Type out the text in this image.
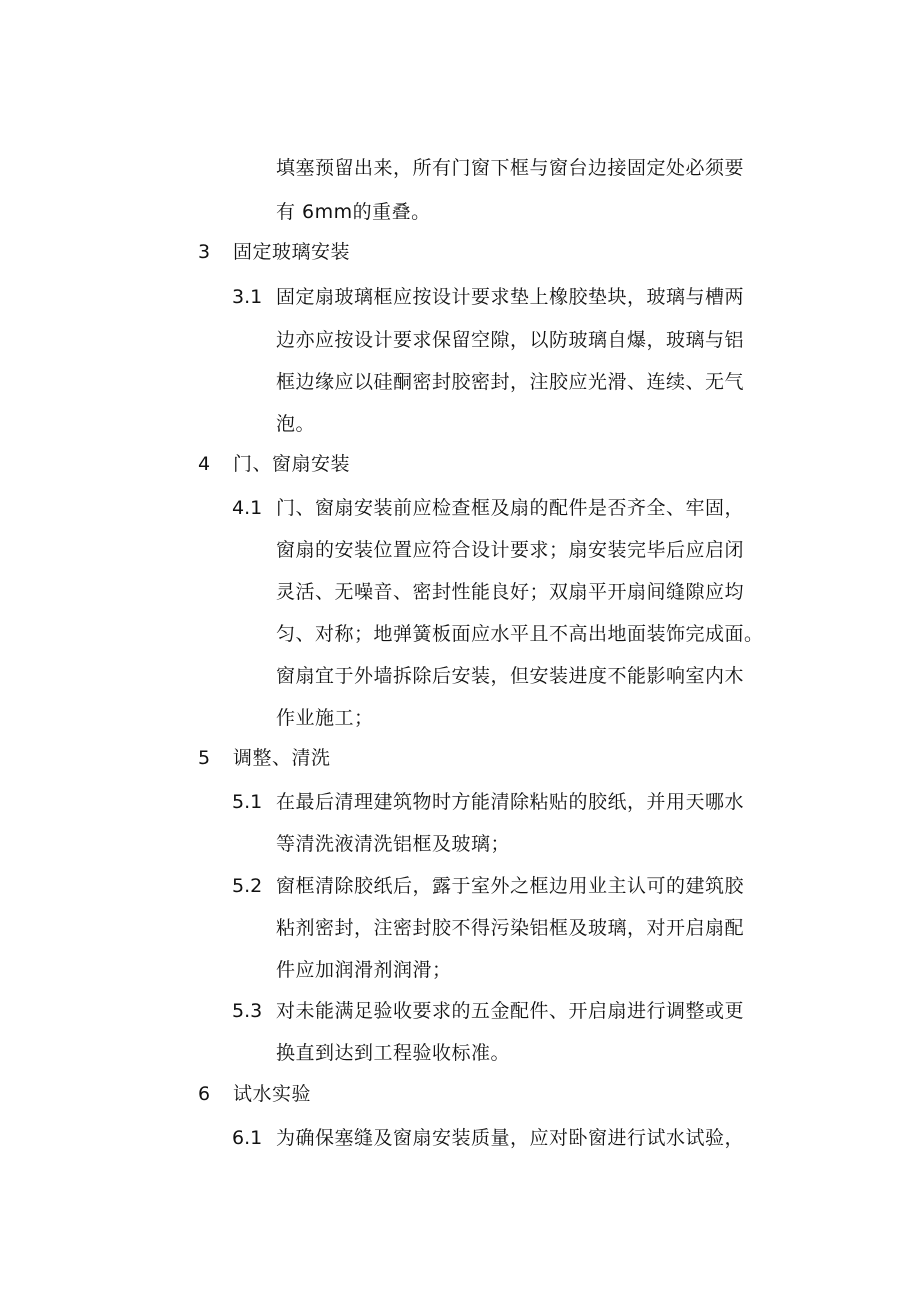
填塞预留出来，所有门窗下框与窗台边接固定处必须要
有 6mm的重叠。
3 固定玻璃安装
3.1 固定扇玻璃框应按设计要求垫上橡胶垫块，玻璃与槽两
边亦应按设计要求保留空隙，以防玻璃自爆，玻璃与铝
框边缘应以硅酮密封胶密封，注胶应光滑、连续、无气
泡。
4 门、窗扇安装
4.1 门、窗扇安装前应检查框及扇的配件是否齐全、牢固，
窗扇的安装位置应符合设计要求；扇安装完毕后应启闭
灵活、无噪音、密封性能良好；双扇平开扇间缝隙应均
匀、对称；地弹簧板面应水平且不高出地面装饰完成面。
窗扇宜于外墙拆除后安装，但安装进度不能影响室内木
作业施工；
5 调整、清洗
5.1 在最后清理建筑物时方能清除粘贴的胶纸，并用天哪水
等清洗液清洗铝框及玻璃；
5.2 窗框清除胶纸后，露于室外之框边用业主认可的建筑胶
粘剂密封，注密封胶不得污染铝框及玻璃，对开启扇配
件应加润滑剂润滑；
5.3 对未能满足验收要求的五金配件、开启扇进行调整或更
换直到达到工程验收标准。
6 试水实验
6.1 为确保塞缝及窗扇安装质量，应对卧窗进行试水试验，
